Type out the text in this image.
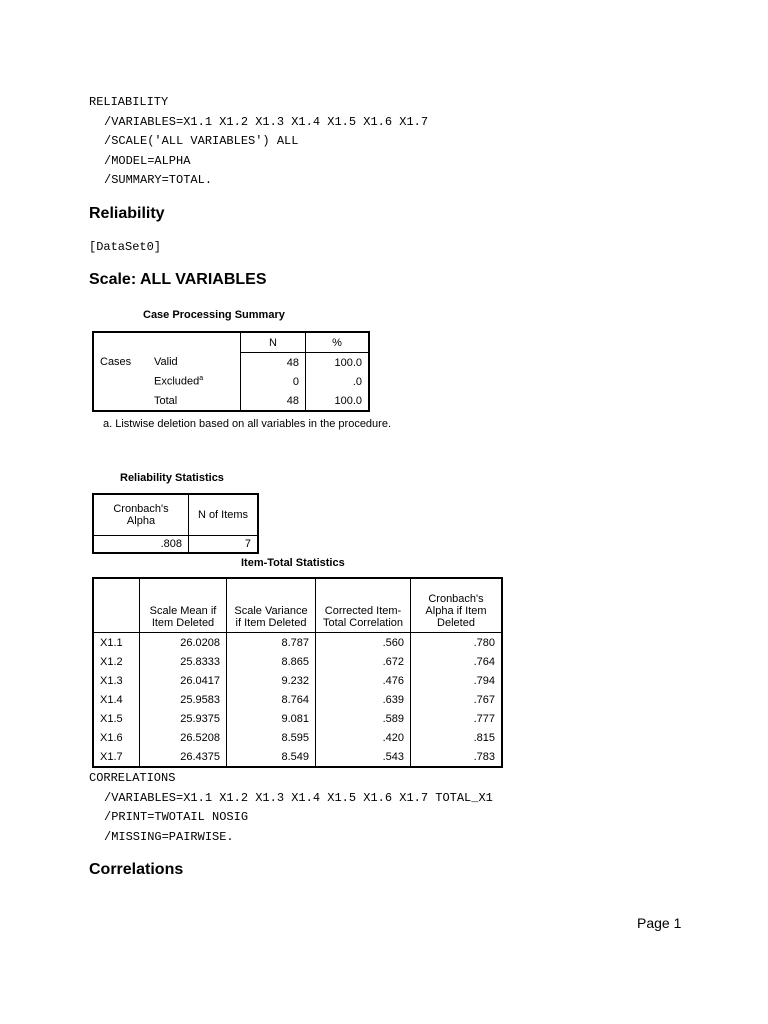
RELIABILITY
/VARIABLES=X1.1 X1.2 X1.3 X1.4 X1.5 X1.6 X1.7
/SCALE('ALL VARIABLES') ALL
/MODEL=ALPHA
/SUMMARY=TOTAL.
Reliability
[DataSet0]
Scale: ALL VARIABLES
Case Processing Summary
		N	%
Cases	Valid	48	100.0
	Excluded$^a$	0	.0
	Total	48	100.0
a. Listwise deletion based on all variables in the procedure.
Reliability Statistics
Cronbach's Alpha	N of Items
.808	7
Item-Total Statistics
	Scale Mean if Item Deleted	Scale Variance if Item Deleted	Corrected Item-Total Correlation	Cronbach's Alpha if Item Deleted
X1.1	26.0208	8.787	.560	.780
X1.2	25.8333	8.865	.672	.764
X1.3	26.0417	9.232	.476	.794
X1.4	25.9583	8.764	.639	.767
X1.5	25.9375	9.081	.589	.777
X1.6	26.5208	8.595	.420	.815
X1.7	26.4375	8.549	.543	.783
CORRELATIONS
/VARIABLES=X1.1 X1.2 X1.3 X1.4 X1.5 X1.6 X1.7 TOTAL_X1
/PRINT=TWOTAIL NOSIG
/MISSING=PAIRWISE.
Correlations
Page 1
